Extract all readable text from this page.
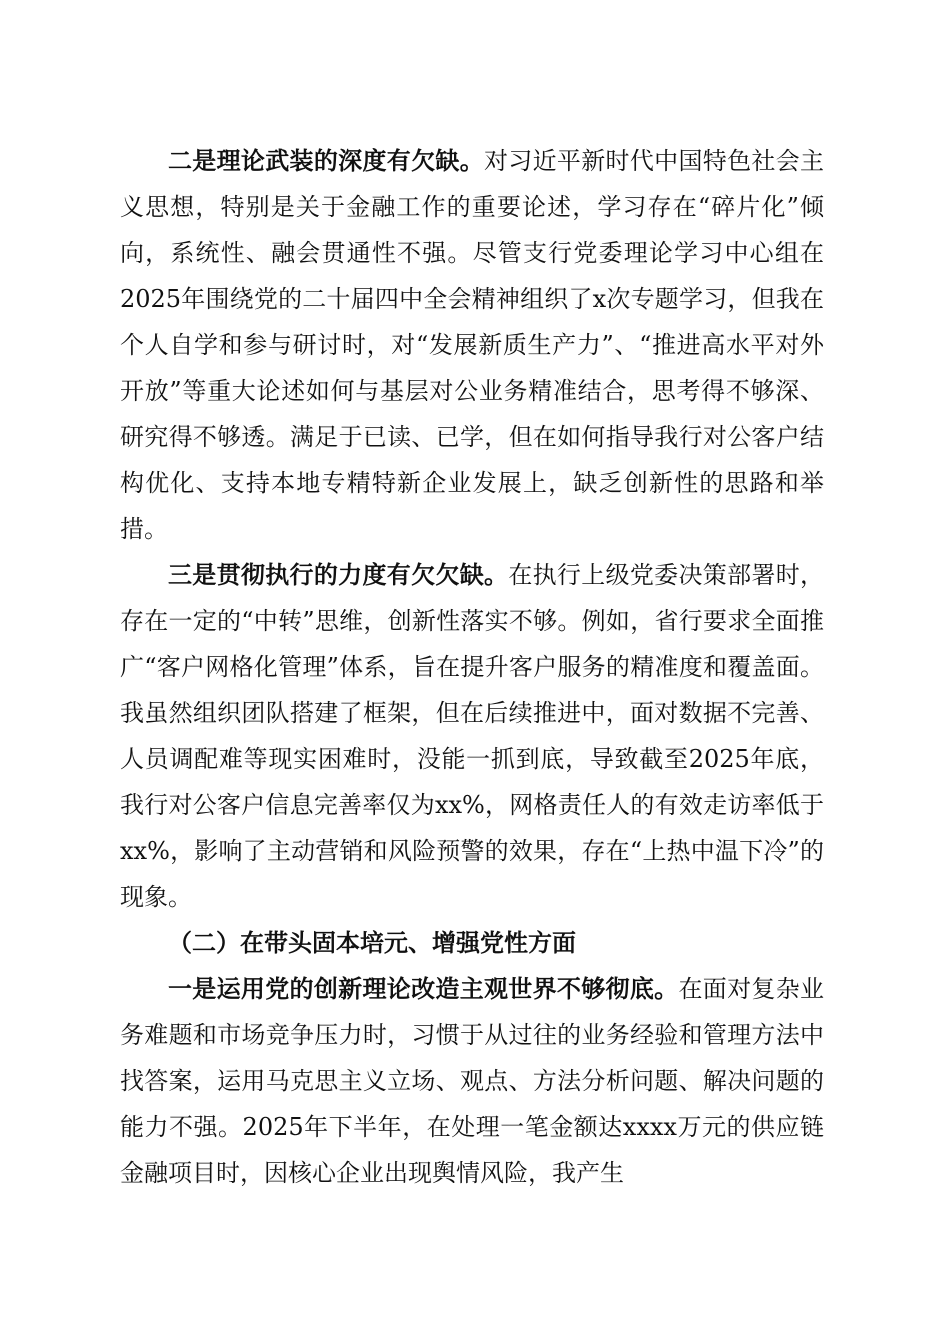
二是理论武装的深度有欠缺。对习近平新时代中国特色社会主义思想，特别是关于金融工作的重要论述，学习存在“碎片化”倾向，系统性、融会贯通性不强。尽管支行党委理论学习中心组在2025年围绕党的二十届四中全会精神组织了x次专题学习，但我在个人自学和参与研讨时，对“发展新质生产力”、“推进高水平对外开放”等重大论述如何与基层对公业务精准结合，思考得不够深、研究得不够透。满足于已读、已学，但在如何指导我行对公客户结构优化、支持本地专精特新企业发展上，缺乏创新性的思路和举措。

三是贯彻执行的力度有欠欠缺。在执行上级党委决策部署时，存在一定的“中转”思维，创新性落实不够。例如，省行要求全面推广“客户网格化管理”体系，旨在提升客户服务的精准度和覆盖面。我虽然组织团队搭建了框架，但在后续推进中，面对数据不完善、人员调配难等现实困难时，没能一抓到底，导致截至2025年底，我行对公客户信息完善率仅为xx%，网格责任人的有效走访率低于xx%，影响了主动营销和风险预警的效果，存在“上热中温下冷”的现象。

（二）在带头固本培元、增强党性方面

一是运用党的创新理论改造主观世界不够彻底。在面对复杂业务难题和市场竞争压力时，习惯于从过往的业务经验和管理方法中找答案，运用马克思主义立场、观点、方法分析问题、解决问题的能力不强。2025年下半年，在处理一笔金额达xxxx万元的供应链金融项目时，因核心企业出现舆情风险，我产生
